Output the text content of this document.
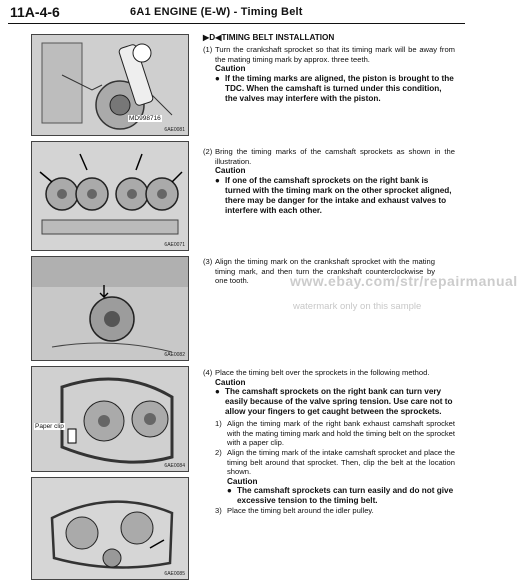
11A-4-6	6A1 ENGINE (E-W) - Timing Belt
MD998716
6AE0081
6AE0071
6AE0082
Paper clip
6AE0084
6AE0085

▶D◀TIMING BELT INSTALLATION

(1) Turn the crankshaft sprocket so that its timing mark will be away from the mating timing mark by approx. three teeth.

Caution

● If the timing marks are aligned, the piston is brought to the TDC. When the camshaft is turned under this condition, the valves may interfere with the piston.
(2) Bring the timing marks of the camshaft sprockets as shown in the illustration.

Caution

● If one of the camshaft sprockets on the right bank is turned with the timing mark on the other sprocket aligned, there may be danger for the intake and exhaust valves to interfere with each other.
(3) Align the timing mark on the crankshaft sprocket with the mating timing mark, and then turn the crankshaft counterclockwise by one tooth.	www.ebay.com/str/repairmanual
watermark only on this sample
(4) Place the timing belt over the sprockets in the following method.

Caution

● The camshaft sprockets on the right bank can turn very easily because of the valve spring tension. Use care not to allow your fingers to get caught between the sprockets.
1) Align the timing mark of the right bank exhaust camshaft sprocket with the mating timing mark and hold the timing belt on the sprocket with a paper clip.
2) Align the timing mark of the intake camshaft sprocket and place the timing belt around that sprocket. Then, clip the belt at the location shown.

Caution

● The camshaft sprockets can turn easily and do not give excessive tension to the timing belt.
3) Place the timing belt around the idler pulley.
